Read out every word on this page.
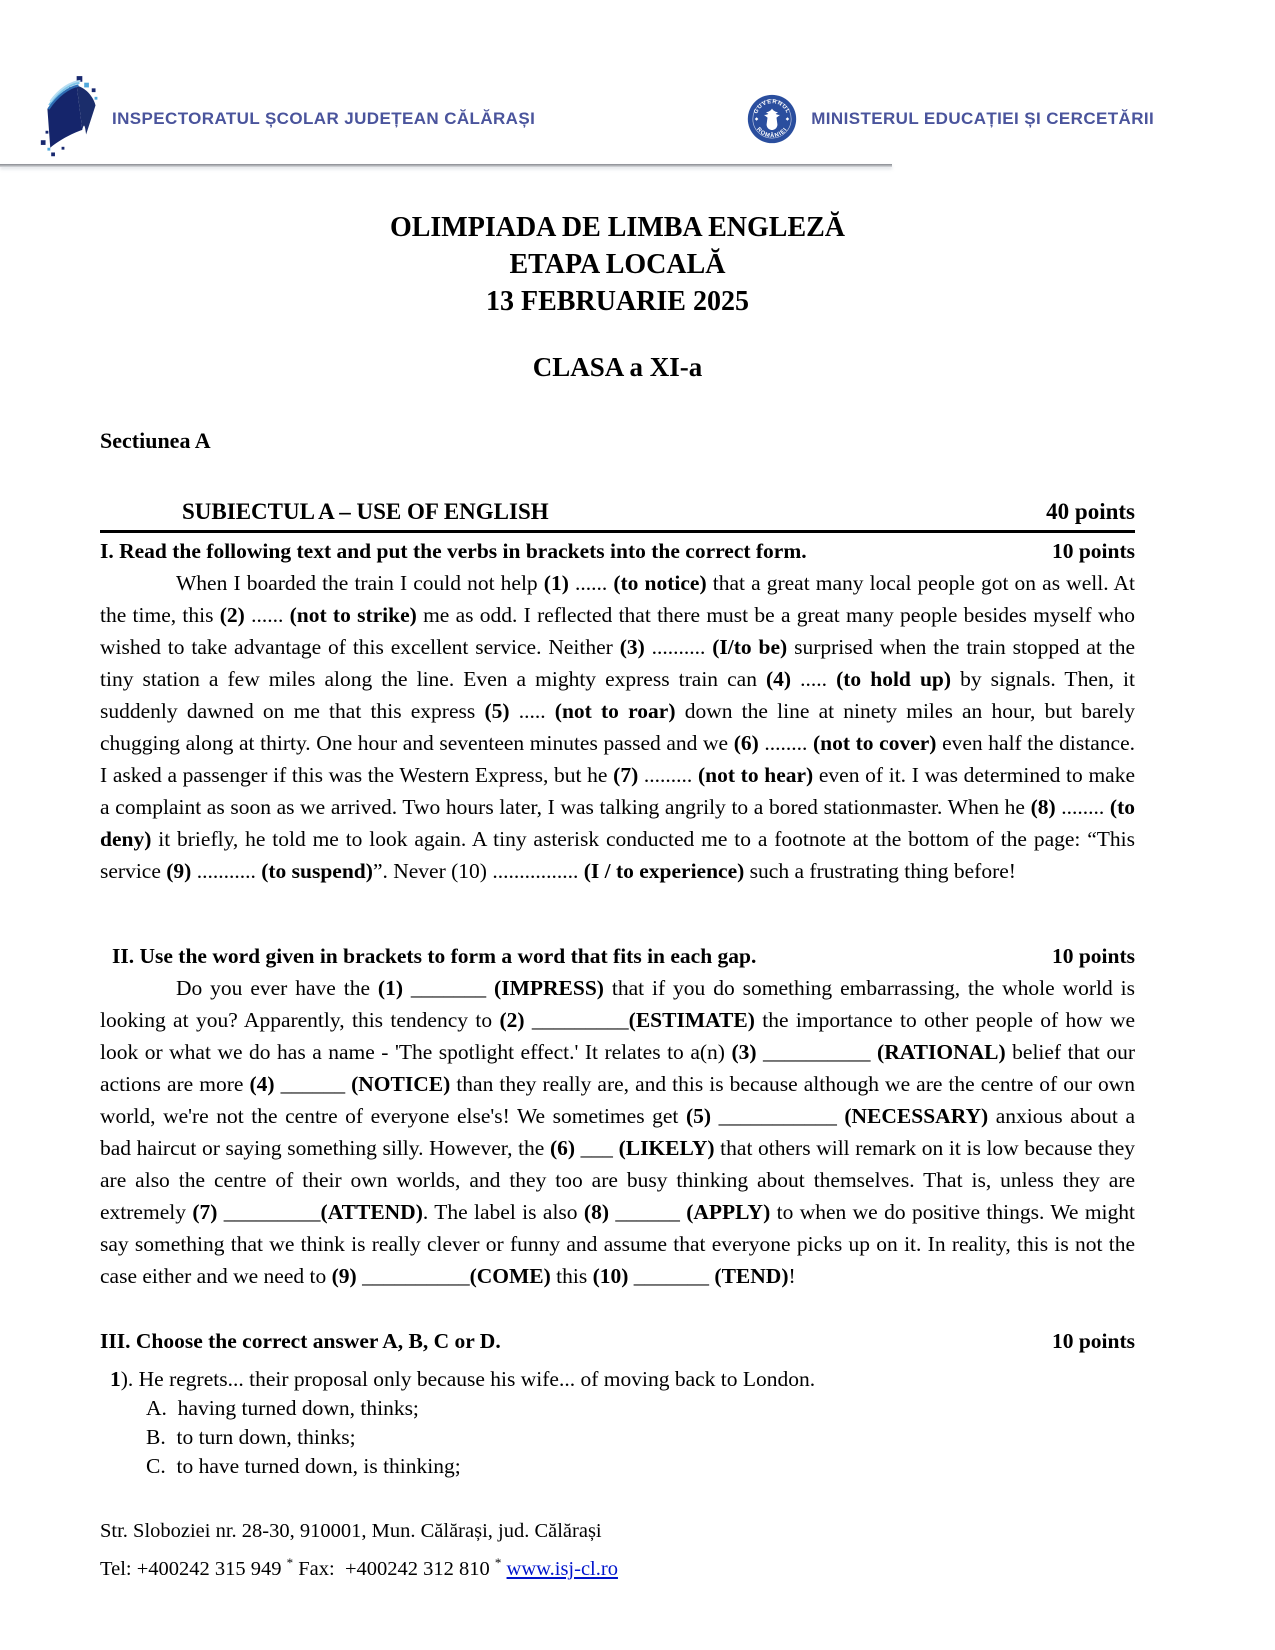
INSPECTORATUL ȘCOLAR JUDEȚEAN CĂLĂRAȘI	GUVERNUL
ROMÂNIEI
MINISTERUL EDUCAȚIEI ȘI CERCETĂRII
OLIMPIADA DE LIMBA ENGLEZĂ
ETAPA LOCALĂ
13 FEBRUARIE 2025
CLASA a XI-a
Sectiunea A
SUBIECTUL A – USE OF ENGLISH	40 points
I. Read the following text and put the verbs in brackets into the correct form.	10 points

When I boarded the train I could not help (1) ...... (to notice) that a great many local people got on as well. At the time, this (2) ...... (not to strike) me as odd. I reflected that there must be a great many people besides myself who wished to take advantage of this excellent service. Neither (3) .......... (I/to be) surprised when the train stopped at the tiny station a few miles along the line. Even a mighty express train can (4) ..... (to hold up) by signals. Then, it suddenly dawned on me that this express (5) ..... (not to roar) down the line at ninety miles an hour, but barely chugging along at thirty. One hour and seventeen minutes passed and we (6) ........ (not to cover) even half the distance. I asked a passenger if this was the Western Express, but he (7) ......... (not to hear) even of it. I was determined to make a complaint as soon as we arrived. Two hours later, I was talking angrily to a bored stationmaster. When he (8) ........ (to deny) it briefly, he told me to look again. A tiny asterisk conducted me to a footnote at the bottom of the page: “This service (9) ........... (to suspend)”. Never (10) ................ (I / to experience) such a frustrating thing before!

II. Use the word given in brackets to form a word that fits in each gap.	10 points

Do you ever have the (1) _______ (IMPRESS) that if you do something embarrassing, the whole world is looking at you? Apparently, this tendency to (2) _________(ESTIMATE) the importance to other people of how we look or what we do has a name - 'The spotlight effect.' It relates to a(n) (3) __________ (RATIONAL) belief that our actions are more (4) ______ (NOTICE) than they really are, and this is because although we are the centre of our own world, we're not the centre of everyone else's! We sometimes get (5) ___________ (NECESSARY) anxious about a bad haircut or saying something silly. However, the (6) ___ (LIKELY) that others will remark on it is low because they are also the centre of their own worlds, and they too are busy thinking about themselves. That is, unless they are extremely (7) _________(ATTEND). The label is also (8) ______ (APPLY) to when we do positive things. We might say something that we think is really clever or funny and assume that everyone picks up on it. In reality, this is not the case either and we need to (9) __________(COME) this (10) _______ (TEND)!

III. Choose the correct answer A, B, C or D.	10 points
1). He regrets... their proposal only because his wife... of moving back to London.
A.  having turned down, thinks;
B.  to turn down, thinks;
C.  to have turned down, is thinking;
Str. Sloboziei nr. 28-30, 910001, Mun. Călărași, jud. Călărași
Tel: +400242 315 949 * Fax:  +400242 312 810 * www.isj-cl.ro
